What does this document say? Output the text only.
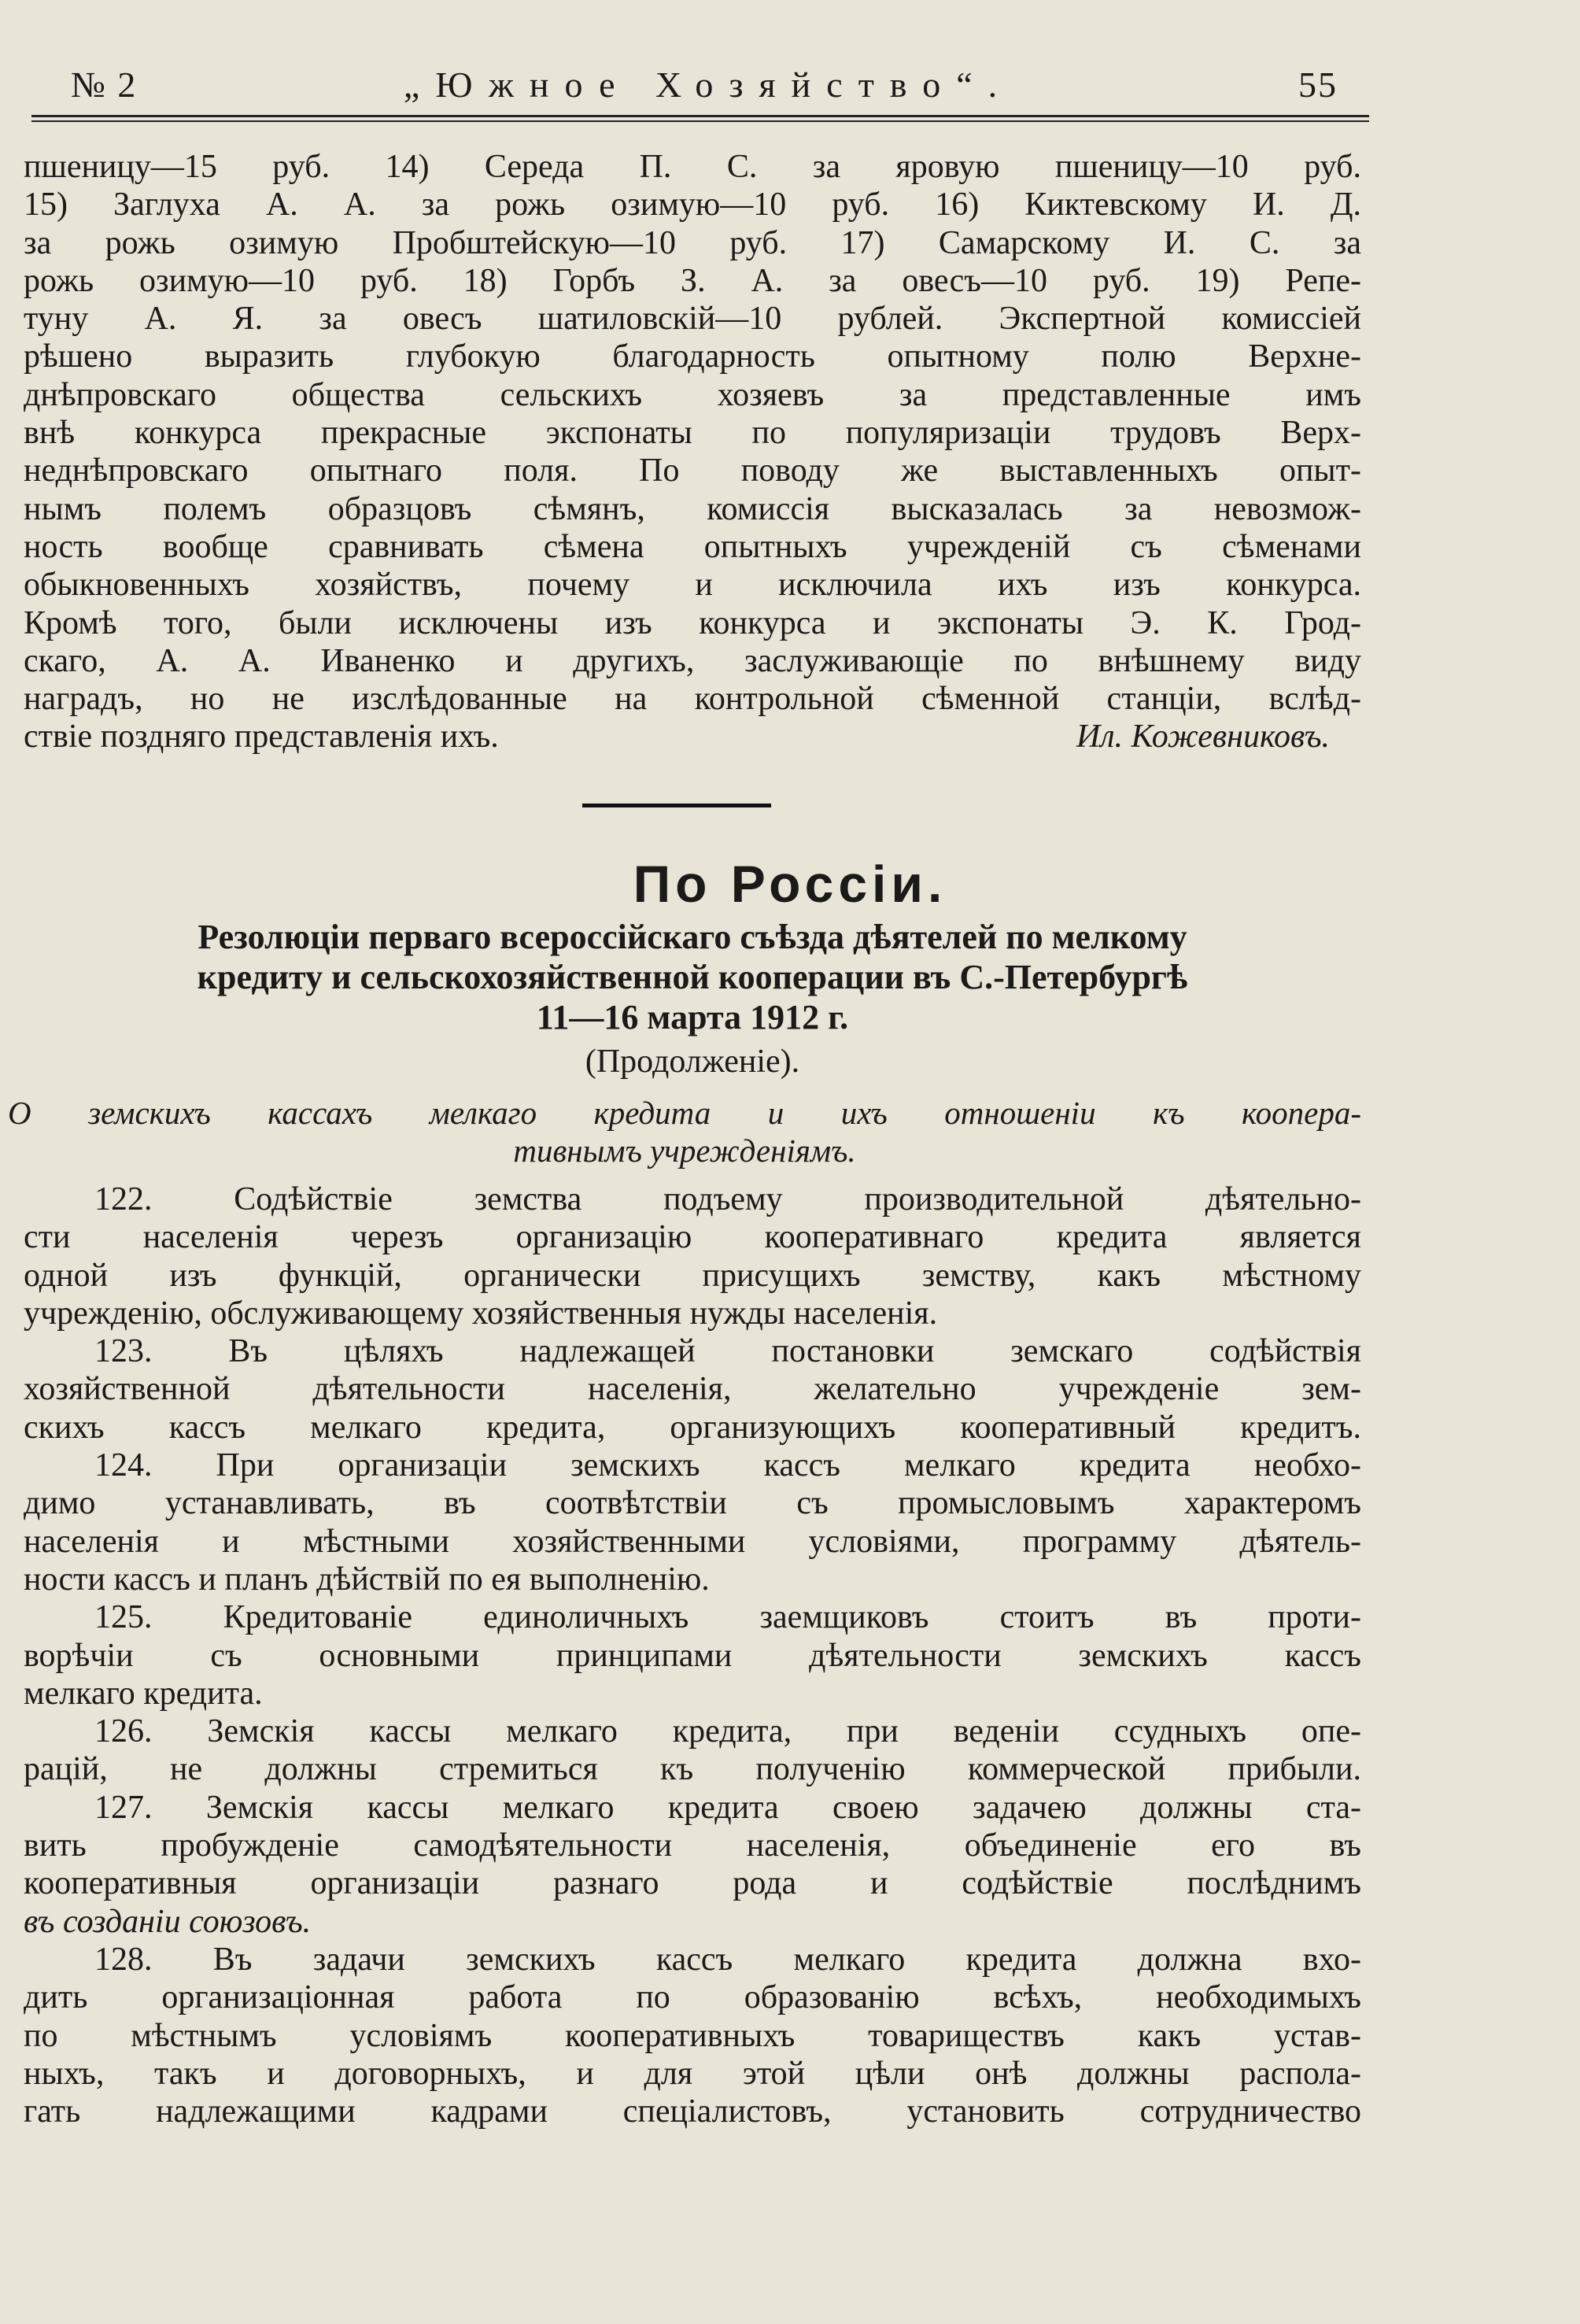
№ 2	„Южное Хозяйство“.	55
пшеницу—15 руб. 14) Середа П. С. за яровую пшеницу—10 руб.
15) Заглуха А. А. за рожь озимую—10 руб. 16) Киктевскому И. Д.
за рожь озимую Пробштейскую—10 руб. 17) Самарскому И. С. за
рожь озимую—10 руб. 18) Горбъ З. А. за овесъ—10 руб. 19) Репе-
туну А. Я. за овесъ шатиловскій—10 рублей. Экспертной комиссіей
рѣшено выразить глубокую благодарность опытному полю Верхне-
днѣпровскаго общества сельскихъ хозяевъ за представленные имъ
внѣ конкурса прекрасные экспонаты по популяризаціи трудовъ Верх-
неднѣпровскаго опытнаго поля. По поводу же выставленныхъ опыт-
нымъ полемъ образцовъ сѣмянъ, комиссія высказалась за невозмож-
ность вообще сравнивать сѣмена опытныхъ учрежденій съ сѣменами
обыкновенныхъ хозяйствъ, почему и исключила ихъ изъ конкурса.
Кромѣ того, были исключены изъ конкурса и экспонаты Э. К. Грод-
скаго, А. А. Иваненко и другихъ, заслуживающіе по внѣшнему виду
наградъ, но не изслѣдованные на контрольной сѣменной станціи, вслѣд-
ствіе поздняго представленія ихъ.	Ил. Кожевниковъ.
По Россіи.
Резолюціи перваго всероссійскаго съѣзда дѣятелей по мелкому
кредиту и сельскохозяйственной кооперации въ С.-Петербургѣ
11—16 марта 1912 г.
(Продолженіе).
О земскихъ кассахъ мелкаго кредита и ихъ отношеніи къ коопера-
тивнымъ учрежденіямъ.
122. Содѣйствіе земства подъему производительной дѣятельно-
сти населенія черезъ организацію кооперативнаго кредита является
одной изъ функцій, органически присущихъ земству, какъ мѣстному
учрежденію, обслуживающему хозяйственныя нужды населенія.
123. Въ цѣляхъ надлежащей постановки земскаго содѣйствія
хозяйственной дѣятельности населенія, желательно учрежденіе зем-
скихъ кассъ мелкаго кредита, организующихъ кооперативный кредитъ.
124. При организаціи земскихъ кассъ мелкаго кредита необхо-
димо устанавливать, въ соотвѣтствіи съ промысловымъ характеромъ
населенія и мѣстными хозяйственными условіями, программу дѣятель-
ности кассъ и планъ дѣйствій по ея выполненію.
125. Кредитованіе единоличныхъ заемщиковъ стоитъ въ проти-
ворѣчіи съ основными принципами дѣятельности земскихъ кассъ
мелкаго кредита.
126. Земскія кассы мелкаго кредита, при веденіи ссудныхъ опе-
рацій, не должны стремиться къ полученію коммерческой прибыли.
127. Земскія кассы мелкаго кредита своею задачею должны ста-
вить пробужденіе самодѣятельности населенія, объединеніе его въ
кооперативныя организаціи разнаго рода и содѣйствіе послѣднимъ
въ созданіи союзовъ.
128. Въ задачи земскихъ кассъ мелкаго кредита должна вхо-
дить организаціонная работа по образованію всѣхъ, необходимыхъ
по мѣстнымъ условіямъ кооперативныхъ товариществъ какъ устав-
ныхъ, такъ и договорныхъ, и для этой цѣли онѣ должны распола-
гать надлежащими кадрами спеціалистовъ, установить сотрудничество
